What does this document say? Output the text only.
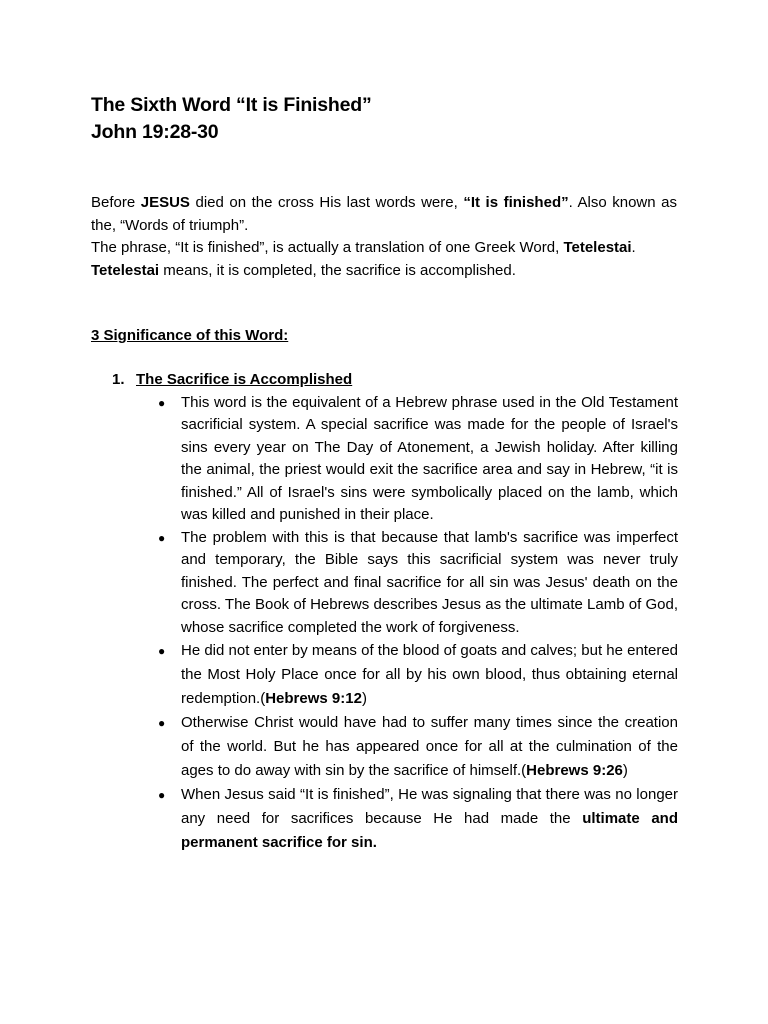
The Sixth Word “It is Finished”
John 19:28-30

Before JESUS died on the cross His last words were, “It is finished”. Also known as the, “Words of triumph”.

The phrase, “It is finished”, is actually a translation of one Greek Word, Tetelestai.

Tetelestai means, it is completed, the sacrifice is accomplished.

3 Significance of this Word:
1. The Sacrifice is Accomplished
● This word is the equivalent of a Hebrew phrase used in the Old Testament sacrificial system. A special sacrifice was made for the people of Israel's sins every year on The Day of Atonement, a Jewish holiday. After killing the animal, the priest would exit the sacrifice area and say in Hebrew, “it is finished.” All of Israel's sins were symbolically placed on the lamb, which was killed and punished in their place.
● The problem with this is that because that lamb's sacrifice was imperfect and temporary, the Bible says this sacrificial system was never truly finished. The perfect and final sacrifice for all sin was Jesus' death on the cross. The Book of Hebrews describes Jesus as the ultimate Lamb of God, whose sacrifice completed the work of forgiveness.
● He did not enter by means of the blood of goats and calves; but he entered the Most Holy Place once for all by his own blood, thus obtaining eternal redemption.(Hebrews 9:12)
● Otherwise Christ would have had to suffer many times since the creation of the world. But he has appeared once for all at the culmination of the ages to do away with sin by the sacrifice of himself.(Hebrews 9:26)
● When Jesus said “It is finished”, He was signaling that there was no longer any need for sacrifices because He had made the ultimate and permanent sacrifice for sin.
